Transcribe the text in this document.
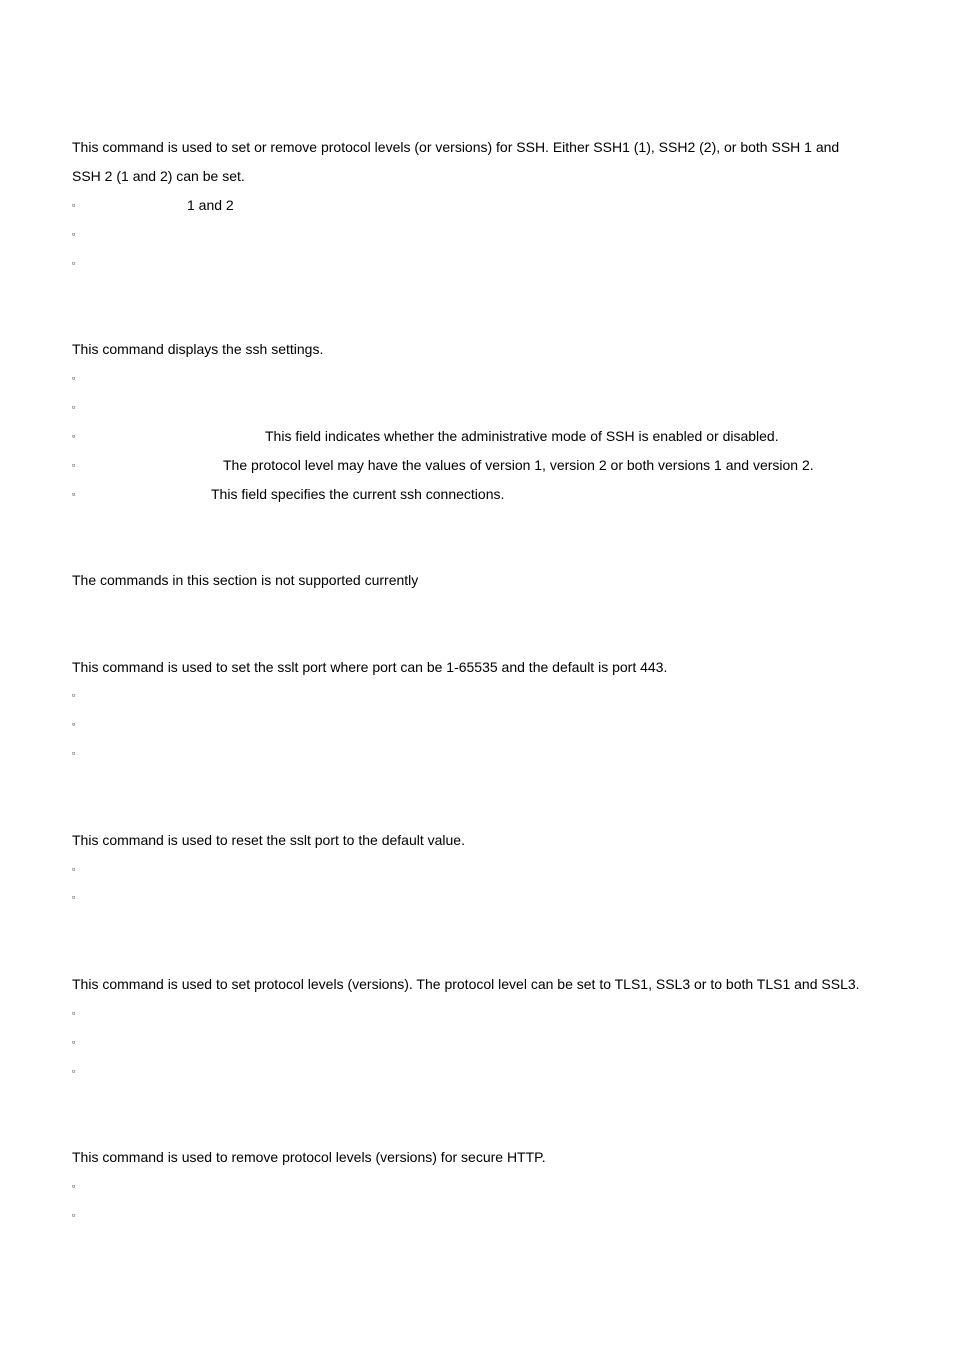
This command is used to set or remove protocol levels (or versions) for SSH. Either SSH1 (1), SSH2 (2), or both SSH 1 and
SSH 2 (1 and 2) can be set.
▫	1 and 2
▫
▫
This command displays the ssh settings.
▫
▫
▫	This field indicates whether the administrative mode of SSH is enabled or disabled.
▫	The protocol level may have the values of version 1, version 2 or both versions 1 and version 2.
▫	This field specifies the current ssh connections.
The commands in this section is not supported currently
This command is used to set the sslt port where port can be 1-65535 and the default is port 443.
▫
▫
▫
This command is used to reset the sslt port to the default value.
▫
▫
This command is used to set protocol levels (versions). The protocol level can be set to TLS1, SSL3 or to both TLS1 and SSL3.
▫
▫
▫
This command is used to remove protocol levels (versions) for secure HTTP.
▫
▫
